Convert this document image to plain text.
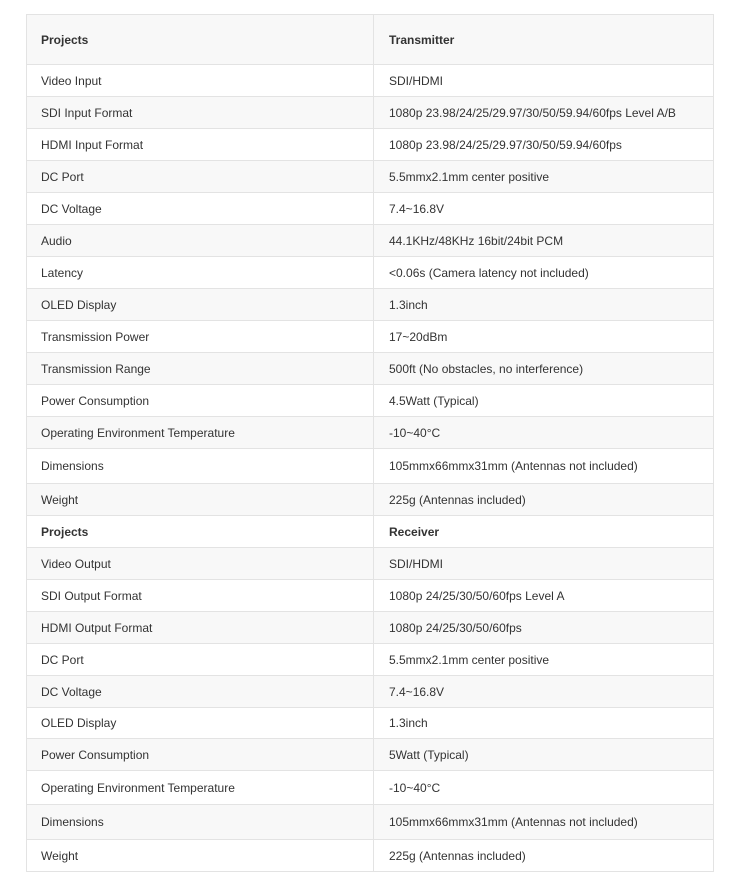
Projects	Transmitter
Video Input	SDI/HDMI
SDI Input Format	1080p 23.98/24/25/29.97/30/50/59.94/60fps Level A/B
HDMI Input Format	1080p 23.98/24/25/29.97/30/50/59.94/60fps
DC Port	5.5mmx2.1mm center positive
DC Voltage	7.4~16.8V
Audio	44.1KHz/48KHz 16bit/24bit PCM
Latency	<0.06s (Camera latency not included)
OLED Display	1.3inch
Transmission Power	17~20dBm
Transmission Range	500ft (No obstacles, no interference)
Power Consumption	4.5Watt (Typical)
Operating Environment Temperature	-10~40°C
Dimensions	105mmx66mmx31mm (Antennas not included)
Weight	225g (Antennas included)
Projects	Receiver
Video Output	SDI/HDMI
SDI Output Format	1080p 24/25/30/50/60fps Level A
HDMI Output Format	1080p 24/25/30/50/60fps
DC Port	5.5mmx2.1mm center positive
DC Voltage	7.4~16.8V
OLED Display	1.3inch
Power Consumption	5Watt (Typical)
Operating Environment Temperature	-10~40°C
Dimensions	105mmx66mmx31mm (Antennas not included)
Weight	225g (Antennas included)
